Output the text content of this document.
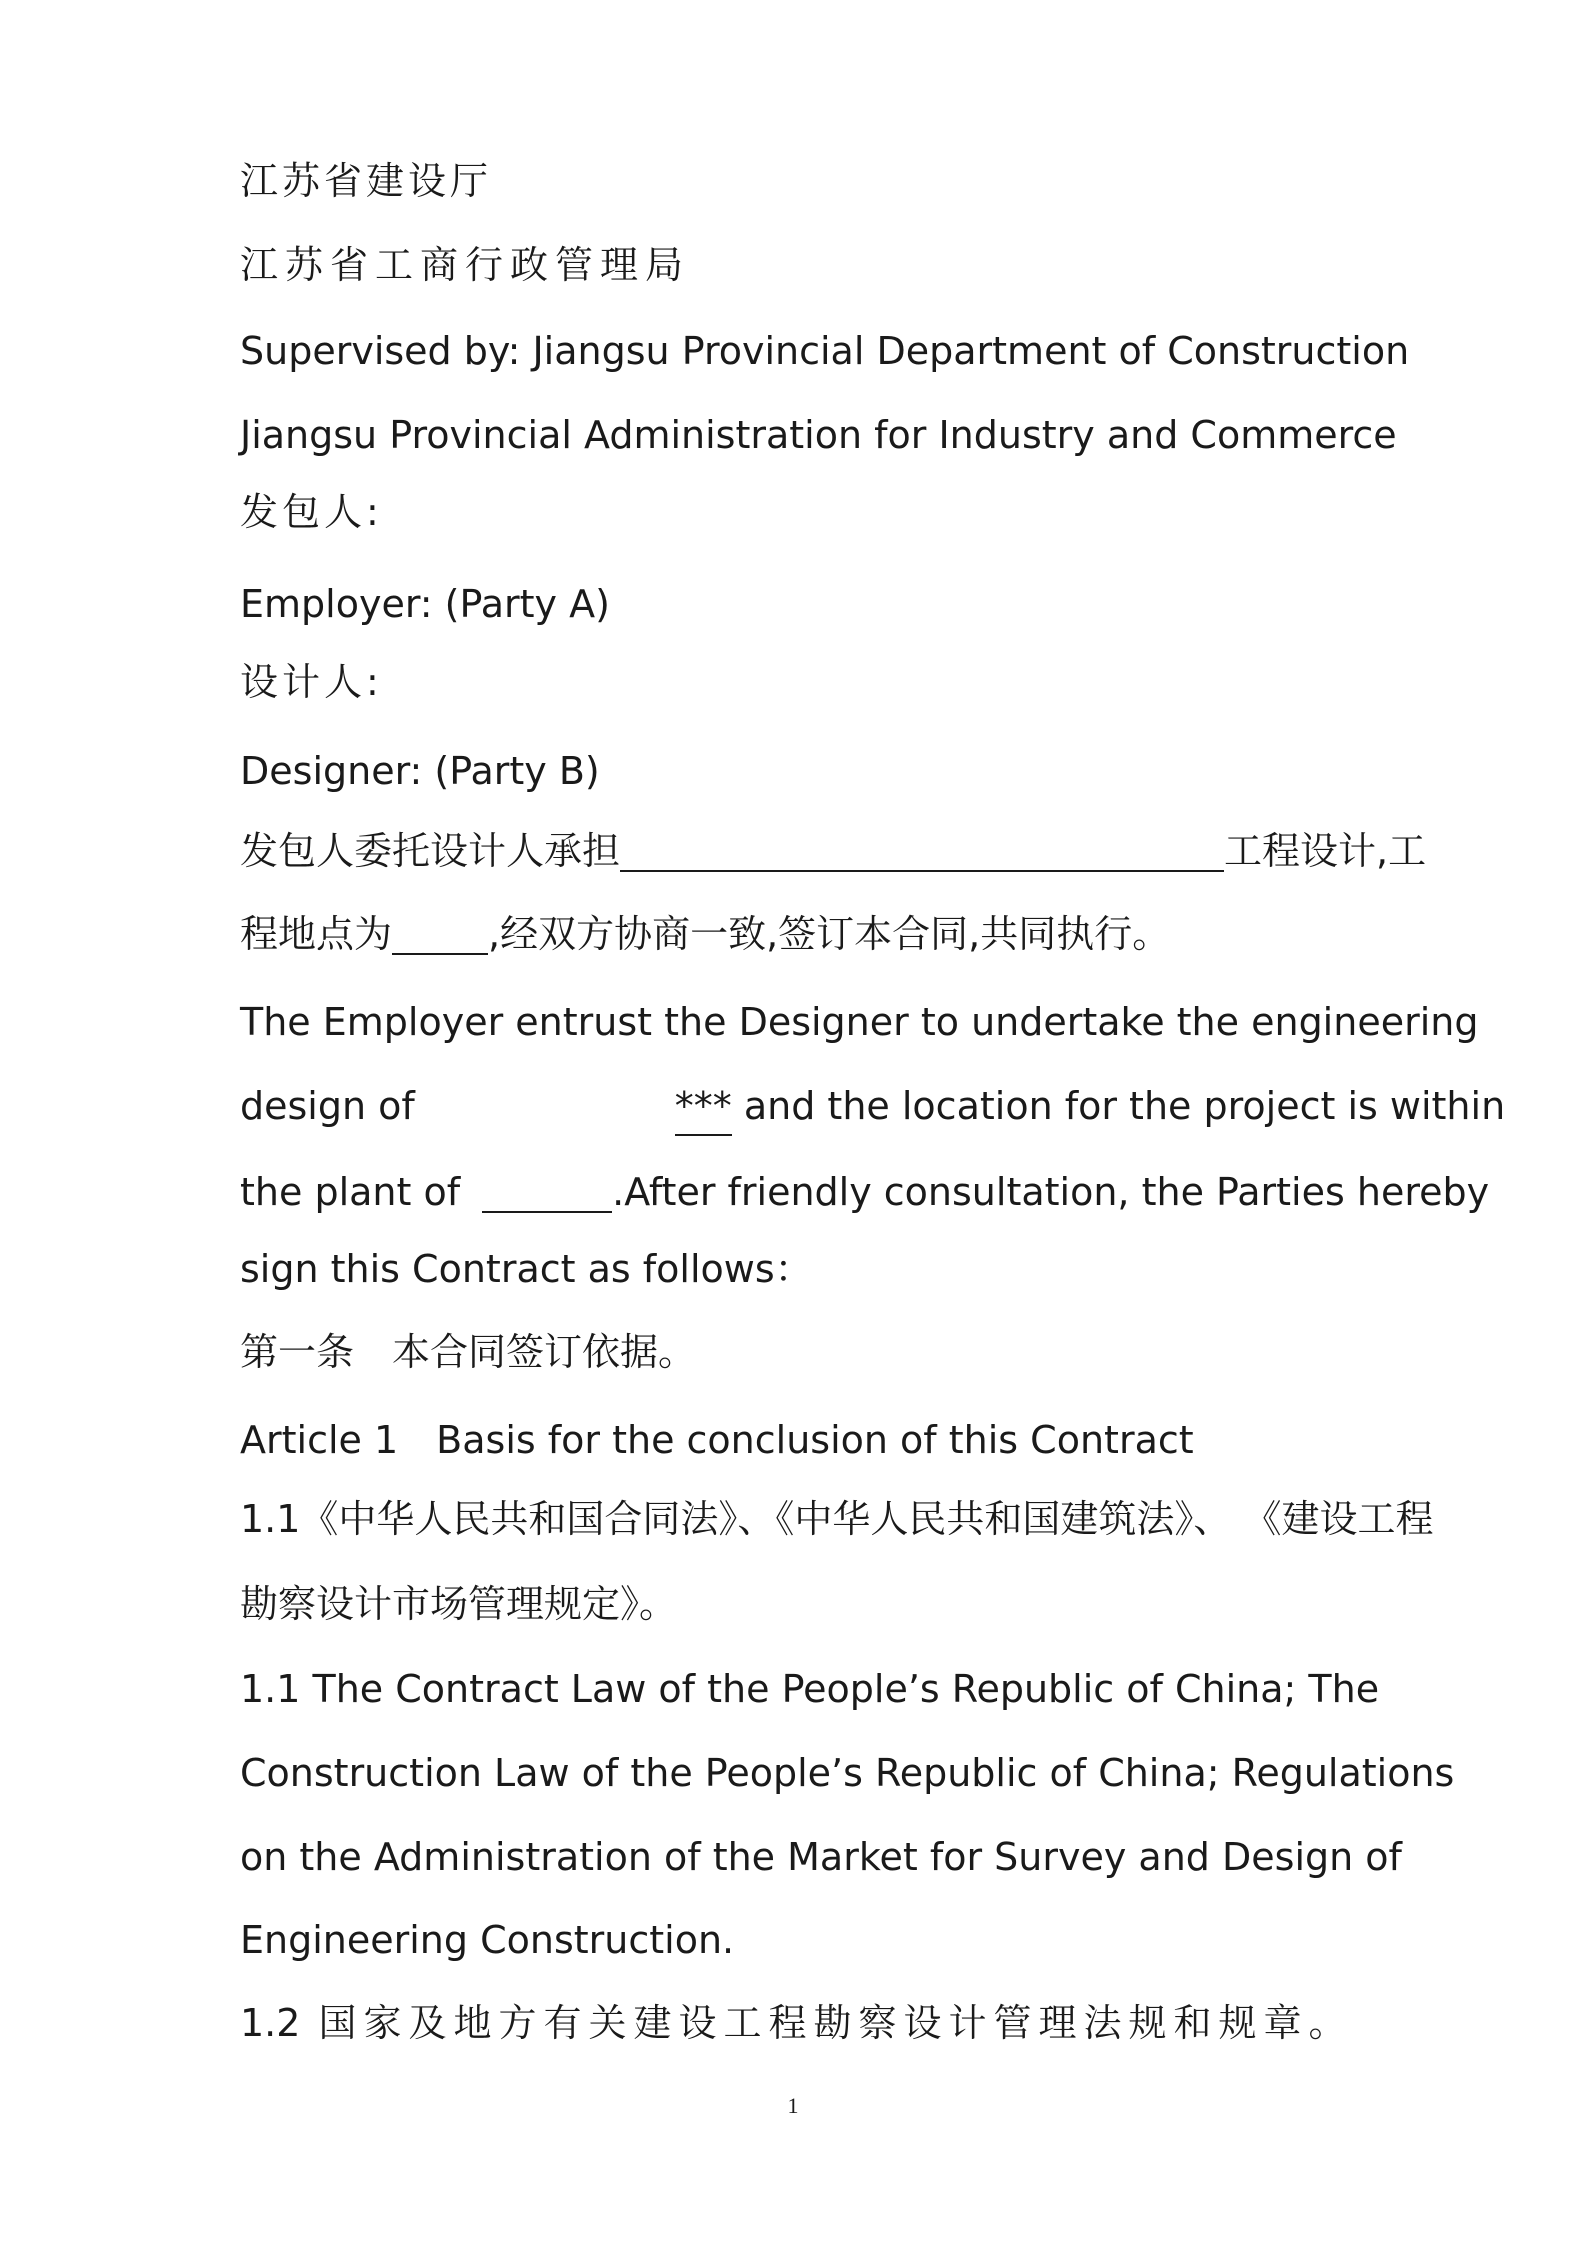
江苏省建设厅

江苏省工商行政管理局

Supervised by: Jiangsu Provincial Department of Construction

Jiangsu Provincial Administration for Industry and Commerce

发包人:

Employer: (Party A)

设计人:

Designer: (Party B)

发包人委托设计人承担	工程设计,工

程地点为	,经双方协商一致,签订本合同,共同执行。

The Employer entrust the Designer to undertake the engineering

design of	*** and the location for the project is within

the plant of	.After friendly consultation, the Parties hereby

sign this Contract as follows：

第一条 本合同签订依据。

Article 1 Basis for the conclusion of this Contract

1.1《中华人民共和国合同法》、《中华人民共和国建筑法》、 《建设工程

勘察设计市场管理规定》。

1.1 The Contract Law of the People’s Republic of China; The

Construction Law of the People’s Republic of China; Regulations

on the Administration of the Market for Survey and Design of

Engineering Construction.

1.2 国家及地方有关建设工程勘察设计管理法规和规章。

1
